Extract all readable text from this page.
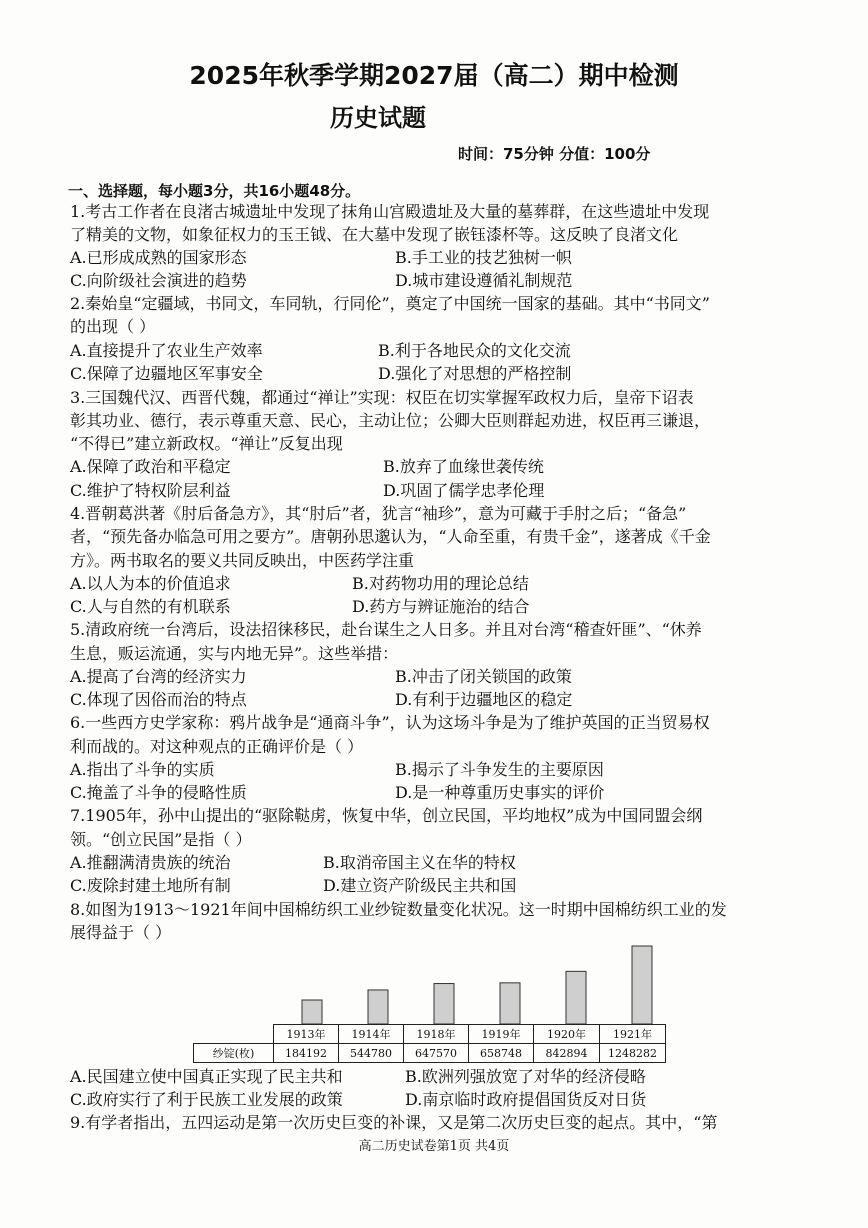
2025年秋季学期2027届（高二）期中检测
历史试题
时间：75分钟 分值：100分
一、选择题，每小题3分，共16小题48分。
1.考古工作者在良渚古城遗址中发现了抹角山宫殿遗址及大量的墓葬群，在这些遗址中发现
了精美的文物，如象征权力的玉王钺、在大墓中发现了嵌钰漆杯等。这反映了良渚文化
A.已形成成熟的国家形态	B.手工业的技艺独树一帜
C.向阶级社会演进的趋势	D.城市建设遵循礼制规范
2.秦始皇“定疆域，书同文，车同轨，行同伦”，奠定了中国统一国家的基础。其中“书同文”
的出现（ ）
A.直接提升了农业生产效率	B.利于各地民众的文化交流
C.保障了边疆地区军事安全	D.强化了对思想的严格控制
3.三国魏代汉、西晋代魏，都通过“禅让”实现：权臣在切实掌握军政权力后，皇帝下诏表
彰其功业、德行，表示尊重天意、民心，主动让位；公卿大臣则群起劝进，权臣再三谦退，
“不得已”建立新政权。“禅让”反复出现
A.保障了政治和平稳定	B.放弃了血缘世袭传统
C.维护了特权阶层利益	D.巩固了儒学忠孝伦理
4.晋朝葛洪著《肘后备急方》，其“肘后”者，犹言“袖珍”，意为可藏于手肘之后；“备急”
者，“预先备办临急可用之要方”。唐朝孙思邈认为，“人命至重，有贵千金”，遂著成《千金
方》。两书取名的要义共同反映出，中医药学注重
A.以人为本的价值追求	B.对药物功用的理论总结
C.人与自然的有机联系	D.药方与辨证施治的结合
5.清政府统一台湾后，设法招徕移民，赴台谋生之人日多。并且对台湾“稽查奸匪”、“休养
生息，贩运流通，实与内地无异”。这些举措：
A.提高了台湾的经济实力	B.冲击了闭关锁国的政策
C.体现了因俗而治的特点	D.有利于边疆地区的稳定
6.一些西方史学家称：鸦片战争是“通商斗争”，认为这场斗争是为了维护英国的正当贸易权
利而战的。对这种观点的正确评价是（ ）
A.指出了斗争的实质	B.揭示了斗争发生的主要原因
C.掩盖了斗争的侵略性质	D.是一种尊重历史事实的评价
7.1905年，孙中山提出的“驱除鞑虏，恢复中华，创立民国，平均地权”成为中国同盟会纲
领。“创立民国”是指（ ）
A.推翻满清贵族的统治	B.取消帝国主义在华的特权
C.废除封建土地所有制	D.建立资产阶级民主共和国
8.如图为1913～1921年间中国棉纺织工业纱锭数量变化状况。这一时期中国棉纺织工业的发
展得益于（ ）
	1913年	1914年	1918年	1919年	1920年	1921年
纱锭(枚)	184192	544780	647570	658748	842894	1248282
A.民国建立使中国真正实现了民主共和	B.欧洲列强放宽了对华的经济侵略
C.政府实行了利于民族工业发展的政策	D.南京临时政府提倡国货反对日货
9.有学者指出，五四运动是第一次历史巨变的补课，又是第二次历史巨变的起点。其中，“第
高二历史试卷第1页 共4页
